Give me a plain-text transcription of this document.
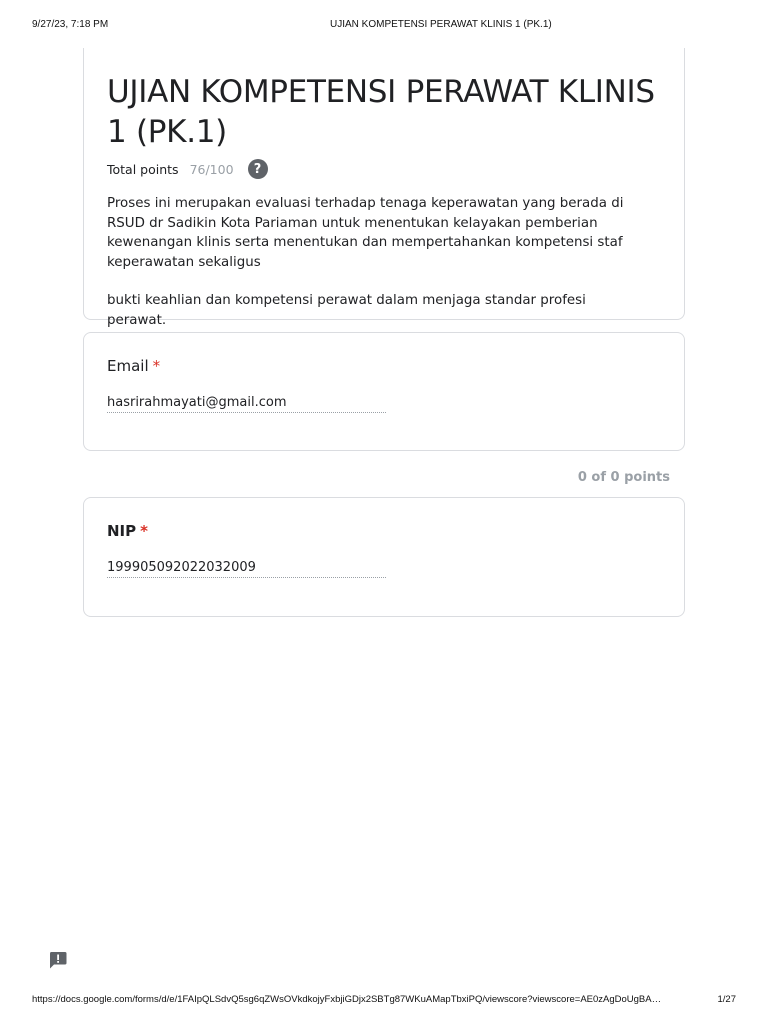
9/27/23, 7:18 PM	UJIAN KOMPETENSI PERAWAT KLINIS 1 (PK.1)
UJIAN KOMPETENSI PERAWAT KLINIS 1 (PK.1)
Total points 76/100	?

Proses ini merupakan evaluasi terhadap tenaga keperawatan yang berada di RSUD dr Sadikin Kota Pariaman untuk menentukan kelayakan pemberian kewenangan klinis serta menentukan dan mempertahankan kompetensi staf keperawatan sekaligus

bukti keahlian dan kompetensi perawat dalam menjaga standar profesi perawat.

Email *
hasrirahmayati@gmail.com
0 of 0 points
NIP *
199905092022032009
https://docs.google.com/forms/d/e/1FAIpQLSdvQ5sg6qZWsOVkdkojyFxbjiGDjx2SBTg87WKuAMapTbxiPQ/viewscore?viewscore=AE0zAgDoUgBA…	1/27
